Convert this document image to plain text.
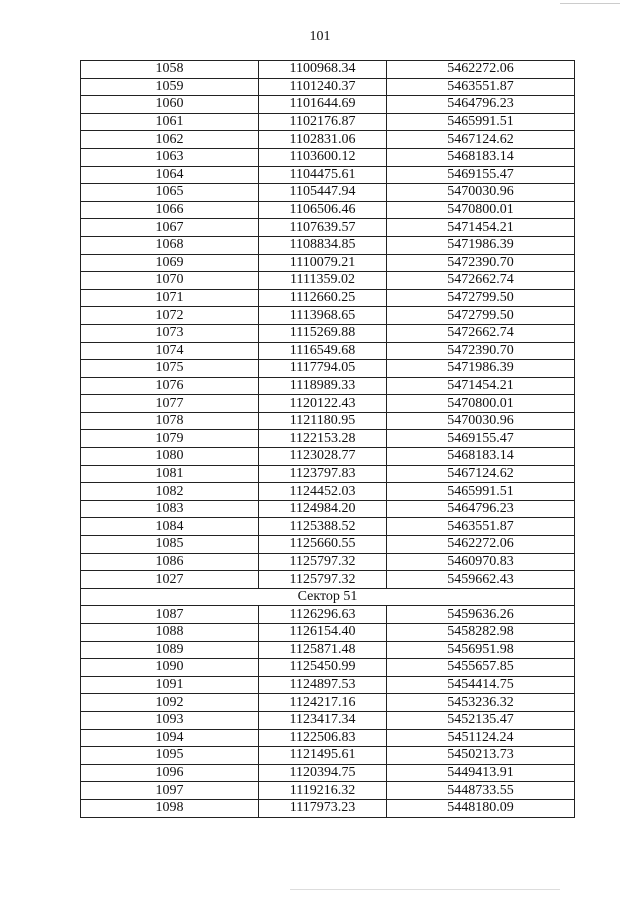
101
1058	1100968.34	5462272.06
1059	1101240.37	5463551.87
1060	1101644.69	5464796.23
1061	1102176.87	5465991.51
1062	1102831.06	5467124.62
1063	1103600.12	5468183.14
1064	1104475.61	5469155.47
1065	1105447.94	5470030.96
1066	1106506.46	5470800.01
1067	1107639.57	5471454.21
1068	1108834.85	5471986.39
1069	1110079.21	5472390.70
1070	1111359.02	5472662.74
1071	1112660.25	5472799.50
1072	1113968.65	5472799.50
1073	1115269.88	5472662.74
1074	1116549.68	5472390.70
1075	1117794.05	5471986.39
1076	1118989.33	5471454.21
1077	1120122.43	5470800.01
1078	1121180.95	5470030.96
1079	1122153.28	5469155.47
1080	1123028.77	5468183.14
1081	1123797.83	5467124.62
1082	1124452.03	5465991.51
1083	1124984.20	5464796.23
1084	1125388.52	5463551.87
1085	1125660.55	5462272.06
1086	1125797.32	5460970.83
1027	1125797.32	5459662.43
Сектор 51		
1087	1126296.63	5459636.26
1088	1126154.40	5458282.98
1089	1125871.48	5456951.98
1090	1125450.99	5455657.85
1091	1124897.53	5454414.75
1092	1124217.16	5453236.32
1093	1123417.34	5452135.47
1094	1122506.83	5451124.24
1095	1121495.61	5450213.73
1096	1120394.75	5449413.91
1097	1119216.32	5448733.55
1098	1117973.23	5448180.09
